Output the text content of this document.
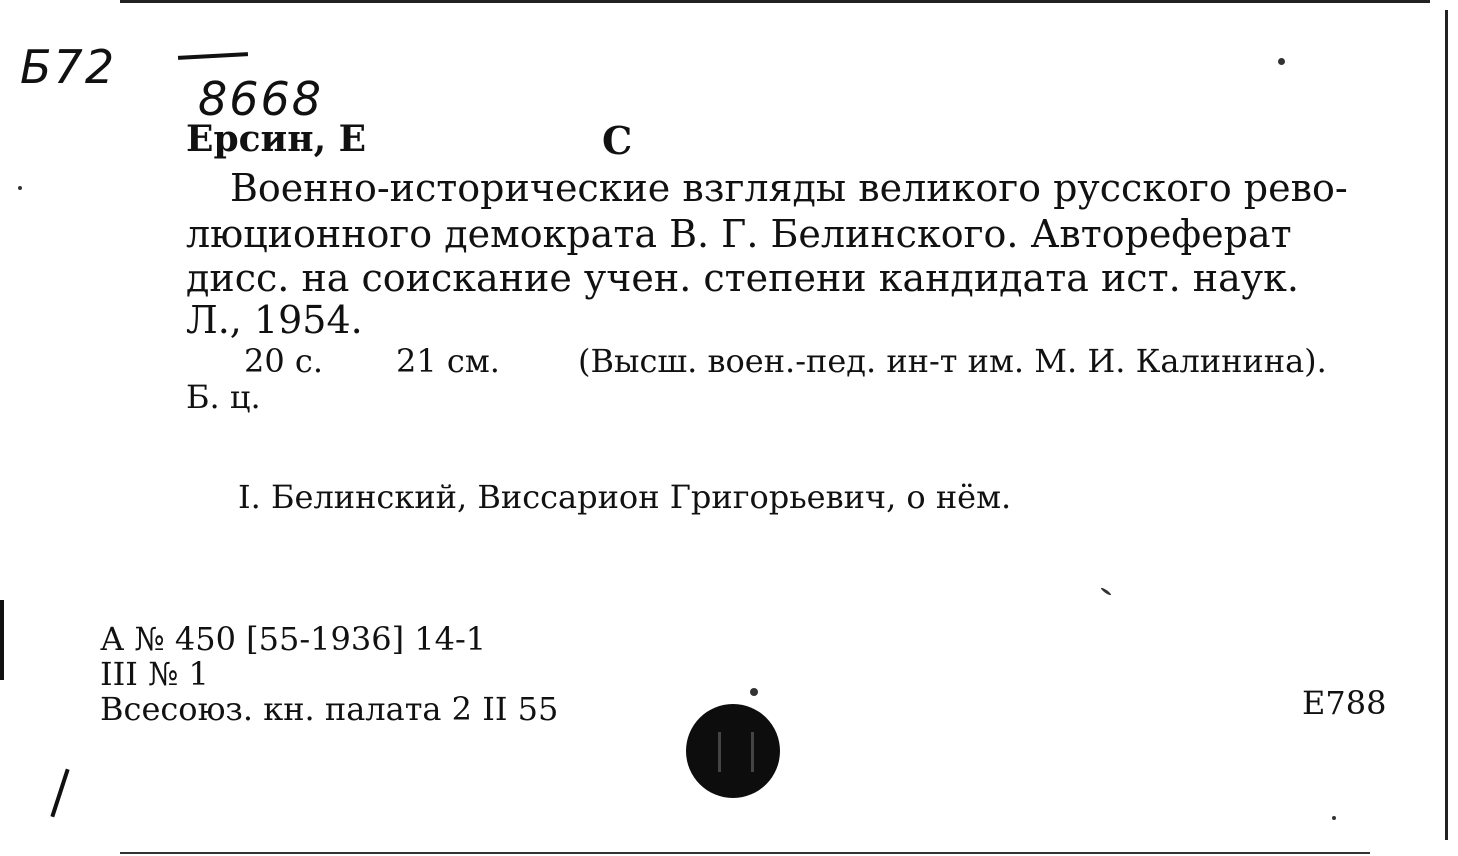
Б72
8668
Ерсин, Е	С
Военно-исторические взгляды великого русского рево-
люционного демократа В. Г. Белинского. Автореферат
дисс. на соискание учен. степени кандидата ист. наук.
Л., 1954.
20 с. 21 см. (Высш. воен.-пед. ин-т им. М. И. Калинина).
Б. ц.
I. Белинский, Виссарион Григорьевич, о нём.
А № 450 [55-1936] 14-1
III № 1
Всесоюз. кн. палата 2 II 55	Е788
